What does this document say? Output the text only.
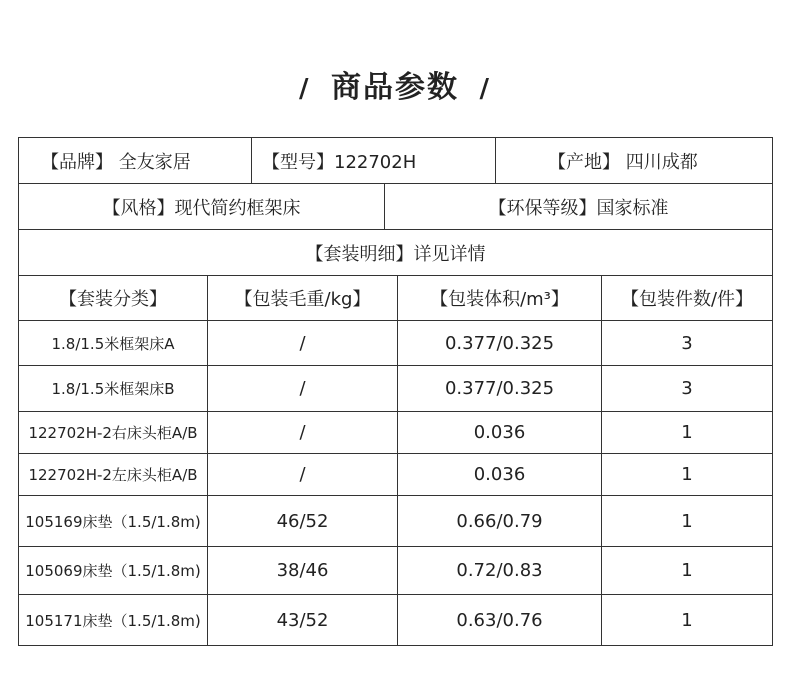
/ 商品参数 /
【品牌】 全友家居	【型号】122702H	【产地】 四川成都
【风格】现代简约框架床	【环保等级】国家标准
【套装明细】详见详情
【套装分类】	【包装毛重/kg】	【包装体积/m³】	【包装件数/件】
1.8/1.5米框架床A	/	0.377/0.325	3
1.8/1.5米框架床B	/	0.377/0.325	3
122702H-2右床头柜A/B	/	0.036	1
122702H-2左床头柜A/B	/	0.036	1
105169床垫（1.5/1.8m)	46/52	0.66/0.79	1
105069床垫（1.5/1.8m)	38/46	0.72/0.83	1
105171床垫（1.5/1.8m)	43/52	0.63/0.76	1
